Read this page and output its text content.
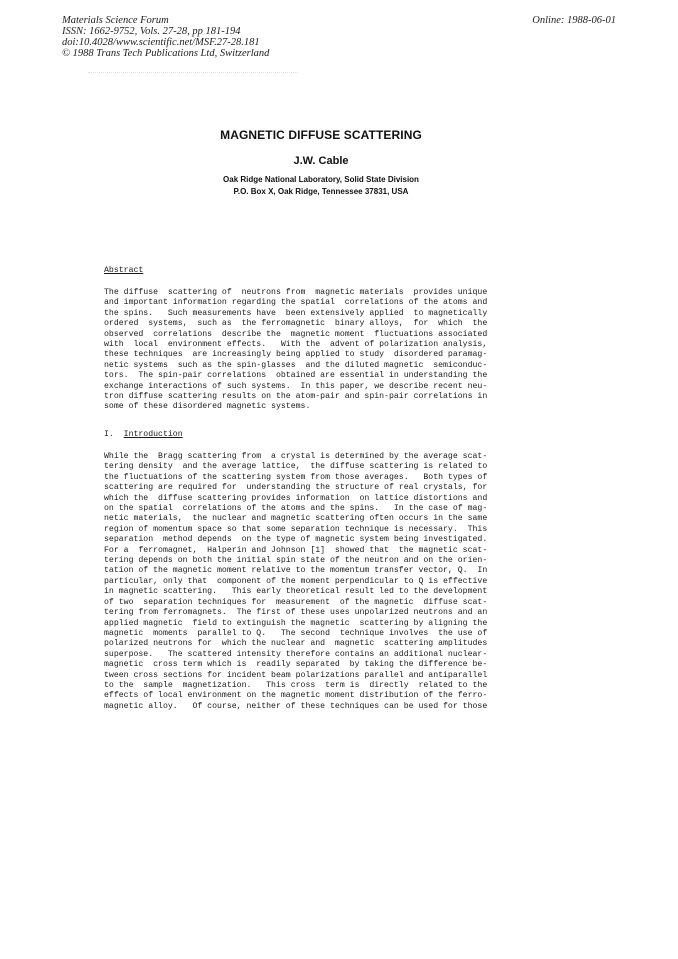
Materials Science Forum
ISSN: 1662-9752, Vols. 27-28, pp 181-194
doi:10.4028/www.scientific.net/MSF.27-28.181
© 1988 Trans Tech Publications Ltd, Switzerland
Online: 1988-06-01
MAGNETIC DIFFUSE SCATTERING
J.W. Cable
Oak Ridge National Laboratory, Solid State Division
P.O. Box X, Oak Ridge, Tennessee 37831, USA
Abstract
The diffuse  scattering of  neutrons from  magnetic materials  provides unique
and important information regarding the spatial  correlations of the atoms and
the spins.   Such measurements have  been extensively applied  to magnetically
ordered  systems,  such as  the ferromagnetic  binary alloys,  for  which  the
observed  correlations  describe the  magnetic moment  fluctuations associated
with  local  environment effects.   With the  advent of polarization analysis,
these techniques  are increasingly being applied to study  disordered paramag-
netic systems  such as the spin-glasses  and the diluted magnetic  semiconduc-
tors.  The spin-pair correlations  obtained are essential in understanding the
exchange interactions of such systems.  In this paper, we describe recent neu-
tron diffuse scattering results on the atom-pair and spin-pair correlations in
some of these disordered magnetic systems.
I. Introduction
While the  Bragg scattering from  a crystal is determined by the average scat-
tering density  and the average lattice,  the diffuse scattering is related to
the fluctuations of the scattering system from those averages.   Both types of
scattering are required for  understanding the structure of real crystals, for
which the  diffuse scattering provides information  on lattice distortions and
on the spatial  correlations of the atoms and the spins.   In the case of mag-
netic materials,  the nuclear and magnetic scattering often occurs in the same
region of momentum space so that some separation technique is necessary.  This
separation  method depends  on the type of magnetic system being investigated.
For a  ferromagnet,  Halperin and Johnson [1]  showed that  the magnetic scat-
tering depends on both the initial spin state of the neutron and on the orien-
tation of the magnetic moment relative to the momentum transfer vector, Q̄.  In
particular, only that  component of the moment perpendicular to Q̄ is effective
in magnetic scattering.   This early theoretical result led to the development
of two  separation techniques for  measurement  of the magnetic  diffuse scat-
tering from ferromagnets.  The first of these uses unpolarized neutrons and an
applied magnetic  field to extinguish the magnetic  scattering by aligning the
magnetic  moments  parallel to Q̄.   The second  technique involves  the use of
polarized neutrons for  which the nuclear and  magnetic  scattering amplitudes
superpose.   The scattered intensity therefore contains an additional nuclear-
magnetic  cross term which is  readily separated  by taking the difference be-
tween cross sections for incident beam polarizations parallel and antiparallel
to the  sample  magnetization.   This cross  term is  directly  related to the
effects of local environment on the magnetic moment distribution of the ferro-
magnetic alloy.   Of course, neither of these techniques can be used for those
